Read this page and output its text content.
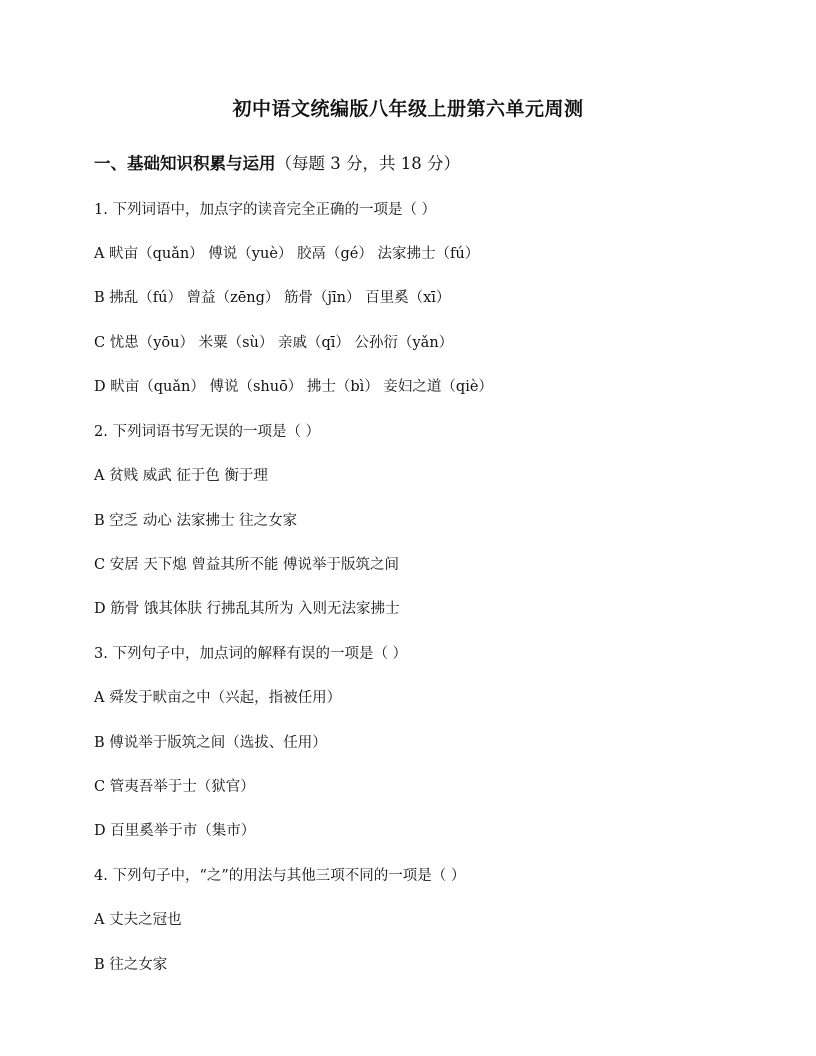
初中语文统编版八年级上册第六单元周测
一、基础知识积累与运用（每题 3 分，共 18 分）
1. 下列词语中，加点字的读音完全正确的一项是（ ）
A 畎亩（quǎn） 傅说（yuè） 胶鬲（gé） 法家拂士（fú）
B 拂乱（fú） 曾益（zēng） 筋骨（jīn） 百里奚（xī）
C 忧患（yōu） 米粟（sù） 亲戚（qī） 公孙衍（yǎn）
D 畎亩（quǎn） 傅说（shuō） 拂士（bì） 妾妇之道（qiè）
2. 下列词语书写无误的一项是（ ）
A 贫贱 威武 征于色 衡于理
B 空乏 动心 法家拂士 往之女家
C 安居 天下熄 曾益其所不能 傅说举于版筑之间
D 筋骨 饿其体肤 行拂乱其所为 入则无法家拂士
3. 下列句子中，加点词的解释有误的一项是（ ）
A 舜发于畎亩之中（兴起，指被任用）
B 傅说举于版筑之间（选拔、任用）
C 管夷吾举于士（狱官）
D 百里奚举于市（集市）
4. 下列句子中，“之”的用法与其他三项不同的一项是（ ）
A 丈夫之冠也
B 往之女家
